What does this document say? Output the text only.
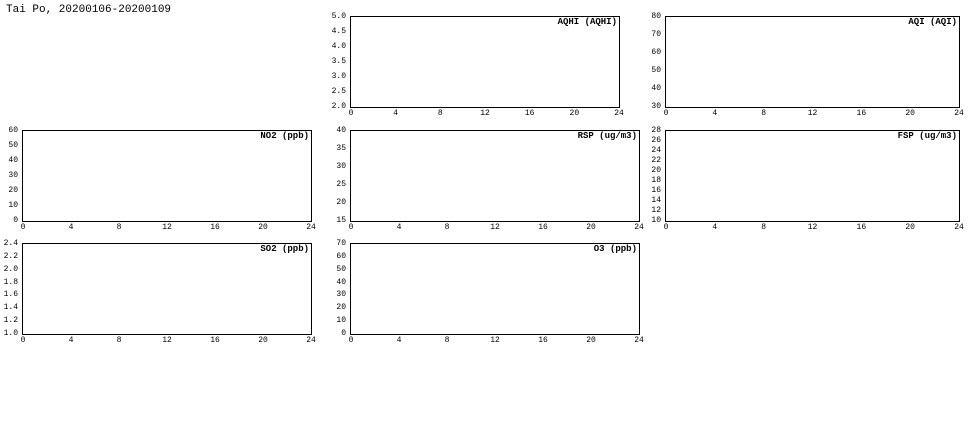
Tai Po, 20200106-20200109
AQHI (AQHI)	AQI (AQI)
NO2 (ppb)	RSP (ug/m3)	FSP (ug/m3)
SO2 (ppb)	O3 (ppb)
2.0
2.5
3.0
3.5
4.0
4.5
5.0
0	4	8	12	16	20	24
30
40
50
60
70
80
0	4	8	12	16	20	24
0
10
20
30
40
50
60
0	4	8	12	16	20	24
15
20
25
30
35
40
0	4	8	12	16	20	24
10
12
14
16
18
20
22
24
26
28
0	4	8	12	16	20	24
1.0
1.2
1.4
1.6
1.8
2.0
2.2
2.4
0	4	8	12	16	20	24
0
10
20
30
40
50
60
70
0	4	8	12	16	20	24
